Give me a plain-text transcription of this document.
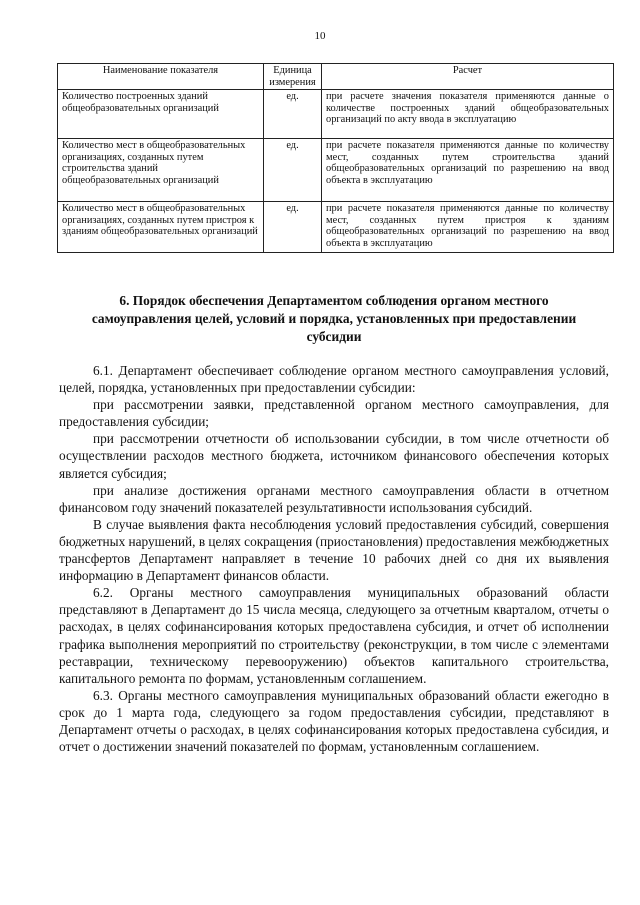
10
Наименование показателя	Единица измерения	Расчет
Количество построенных зданий общеобразовательных организаций	ед.	при расчете значения показателя применяются данные о количестве построенных зданий общеобразовательных организаций по акту ввода в эксплуатацию
Количество мест в общеобразовательных организациях, созданных путем строительства зданий общеобразовательных организаций	ед.	при расчете показателя применяются данные по количеству мест, созданных путем строительства зданий общеобразовательных организаций по разрешению на ввод объекта в эксплуатацию
Количество мест в общеобразовательных организациях, созданных путем пристроя к зданиям общеобразовательных организаций	ед.	при расчете показателя применяются данные по количеству мест, созданных путем пристроя к зданиям общеобразовательных организаций по разрешению на ввод объекта в эксплуатацию
6. Порядок обеспечения Департаментом соблюдения органом местного самоуправления целей, условий и порядка, установленных при предоставлении субсидии

6.1. Департамент обеспечивает соблюдение органом местного самоуправления условий, целей, порядка, установленных при предоставлении субсидии:

при рассмотрении заявки, представленной органом местного самоуправления, для предоставления субсидии;

при рассмотрении отчетности об использовании субсидии, в том числе отчетности об осуществлении расходов местного бюджета, источником финансового обеспечения которых является субсидия;

при анализе достижения органами местного самоуправления области в отчетном финансовом году значений показателей результативности использования субсидий.

В случае выявления факта несоблюдения условий предоставления субсидий, совершения бюджетных нарушений, в целях сокращения (приостановления) предоставления межбюджетных трансфертов Департамент направляет в течение 10 рабочих дней со дня их выявления информацию в Департамент финансов области.

6.2. Органы местного самоуправления муниципальных образований области представляют в Департамент до 15 числа месяца, следующего за отчетным кварталом, отчеты о расходах, в целях софинансирования которых предоставлена субсидия, и отчет об исполнении графика выполнения мероприятий по строительству (реконструкции, в том числе с элементами реставрации, техническому перевооружению) объектов капитального строительства, капитального ремонта по формам, установленным соглашением.

6.3. Органы местного самоуправления муниципальных образований области ежегодно в срок до 1 марта года, следующего за годом предоставления субсидии, представляют в Департамент отчеты о расходах, в целях софинансирования которых предоставлена субсидия, и отчет о достижении значений показателей по формам, установленным соглашением.
